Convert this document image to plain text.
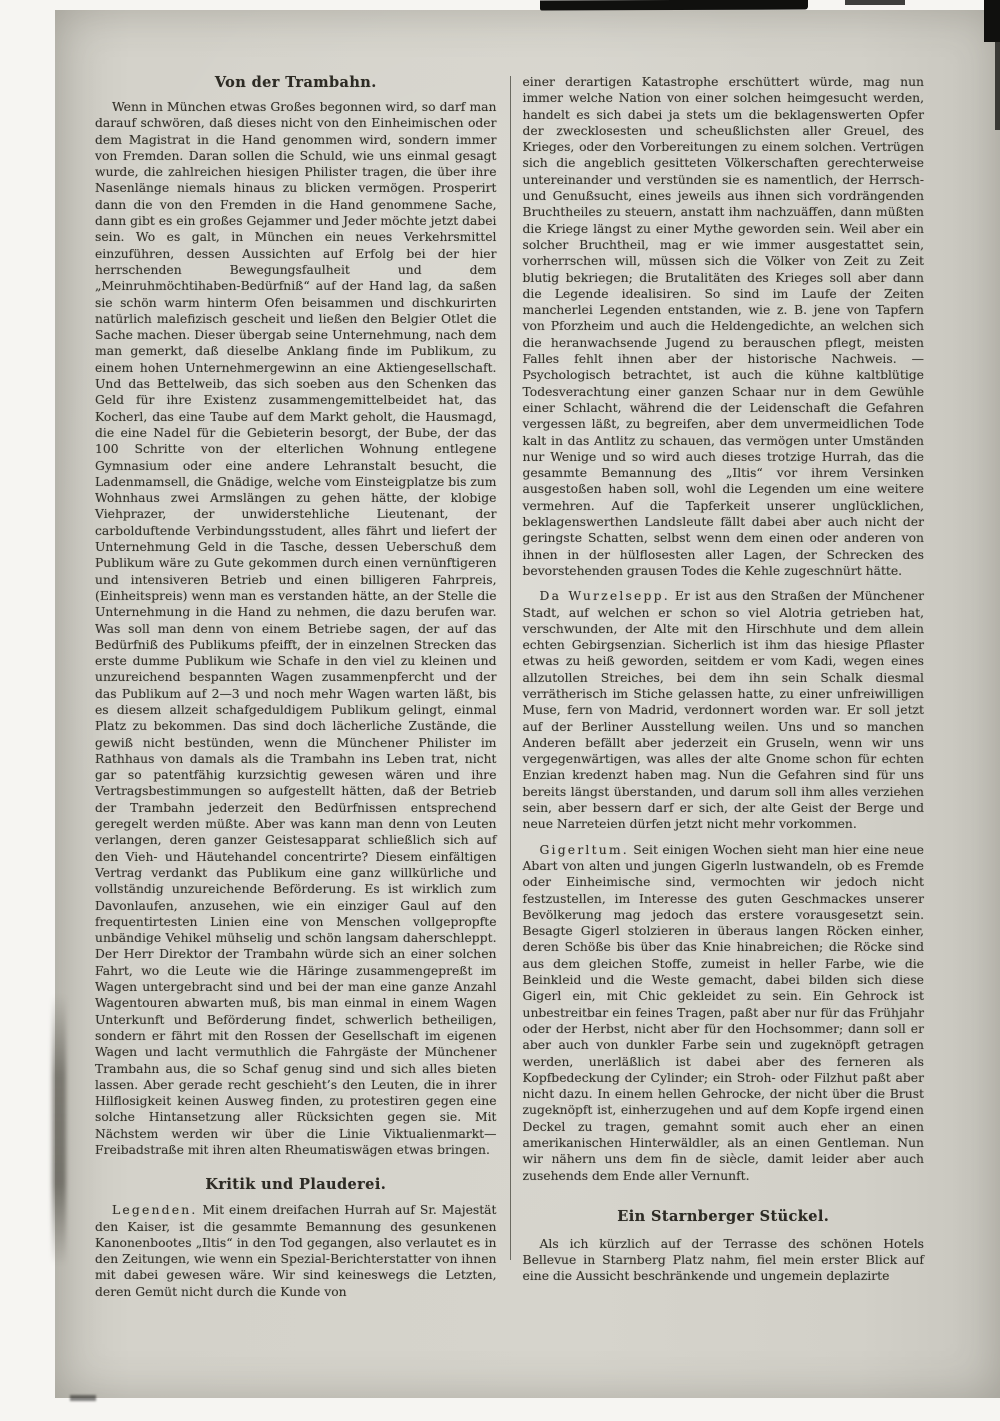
Von der Trambahn.

Wenn in München etwas Großes begonnen wird, so darf man darauf schwören, daß dieses nicht von den Einheimischen oder dem Magistrat in die Hand genommen wird, sondern immer von Fremden. Daran sollen die Schuld, wie uns einmal gesagt wurde, die zahlreichen hiesigen Philister tragen, die über ihre Nasenlänge niemals hinaus zu blicken vermögen. Prosperirt dann die von den Fremden in die Hand genommene Sache, dann gibt es ein großes Gejammer und Jeder möchte jetzt dabei sein. Wo es galt, in München ein neues Verkehrsmittel einzuführen, dessen Aussichten auf Erfolg bei der hier herrschenden Bewegungsfaulheit und dem „Meinruhmöchtihaben-Bedürfniß“ auf der Hand lag, da saßen sie schön warm hinterm Ofen beisammen und dischkurirten natürlich malefizisch gescheit und ließen den Belgier Otlet die Sache machen. Dieser übergab seine Unternehmung, nach dem man gemerkt, daß dieselbe Anklang finde im Publikum, zu einem hohen Unternehmergewinn an eine Aktiengesellschaft. Und das Bettelweib, das sich soeben aus den Schenken das Geld für ihre Existenz zusammengemittelbeidet hat, das Kocherl, das eine Taube auf dem Markt geholt, die Hausmagd, die eine Nadel für die Gebieterin besorgt, der Bube, der das 100 Schritte von der elterlichen Wohnung entlegene Gymnasium oder eine andere Lehranstalt besucht, die Ladenmamsell, die Gnädige, welche vom Einsteigplatze bis zum Wohnhaus zwei Armslängen zu gehen hätte, der klobige Viehprazer, der unwiderstehliche Lieutenant, der carbolduftende Verbindungsstudent, alles fährt und liefert der Unternehmung Geld in die Tasche, dessen Ueberschuß dem Publikum wäre zu Gute gekommen durch einen vernünftigeren und intensiveren Betrieb und einen billigeren Fahrpreis, (Einheitspreis) wenn man es verstanden hätte, an der Stelle die Unternehmung in die Hand zu nehmen, die dazu berufen war. Was soll man denn von einem Betriebe sagen, der auf das Bedürfniß des Publikums pfeifft, der in einzelnen Strecken das erste dumme Publikum wie Schafe in den viel zu kleinen und unzureichend bespannten Wagen zusammenpfercht und der das Publikum auf 2—3 und noch mehr Wagen warten läßt, bis es diesem allzeit schafgeduldigem Publikum gelingt, einmal Platz zu bekommen. Das sind doch lächerliche Zustände, die gewiß nicht bestünden, wenn die Münchener Philister im Rathhaus von damals als die Trambahn ins Leben trat, nicht gar so patentfähig kurzsichtig gewesen wären und ihre Vertragsbestimmungen so aufgestellt hätten, daß der Betrieb der Trambahn jederzeit den Bedürfnissen entsprechend geregelt werden müßte. Aber was kann man denn von Leuten verlangen, deren ganzer Geistesapparat schließlich sich auf den Vieh- und Häutehandel concentrirte? Diesem einfältigen Vertrag verdankt das Publikum eine ganz willkürliche und vollständig unzureichende Beförderung. Es ist wirklich zum Davonlaufen, anzusehen, wie ein einziger Gaul auf den frequentirtesten Linien eine von Menschen vollgepropfte unbändige Vehikel mühselig und schön langsam daherschleppt. Der Herr Direktor der Trambahn würde sich an einer solchen Fahrt, wo die Leute wie die Häringe zusammengepreßt im Wagen untergebracht sind und bei der man eine ganze Anzahl Wagentouren abwarten muß, bis man einmal in einem Wagen Unterkunft und Beförderung findet, schwerlich betheiligen, sondern er fährt mit den Rossen der Gesellschaft im eigenen Wagen und lacht vermuthlich die Fahrgäste der Münchener Trambahn aus, die so Schaf genug sind und sich alles bieten lassen. Aber gerade recht geschieht’s den Leuten, die in ihrer Hilflosigkeit keinen Ausweg finden, zu protestiren gegen eine solche Hintansetzung aller Rücksichten gegen sie. Mit Nächstem werden wir über die Linie Viktualienmarkt—Freibadstraße mit ihren alten Rheumatiswägen etwas bringen.

Kritik und Plauderei.

Legenden. Mit einem dreifachen Hurrah auf Sr. Majestät den Kaiser, ist die gesammte Bemannung des gesunkenen Kanonenbootes „Iltis“ in den Tod gegangen, also verlautet es in den Zeitungen, wie wenn ein Spezial-Berichterstatter von ihnen mit dabei gewesen wäre. Wir sind keineswegs die Letzten, deren Gemüt nicht durch die Kunde von

einer derartigen Katastrophe erschüttert würde, mag nun immer welche Nation von einer solchen heimgesucht werden, handelt es sich dabei ja stets um die beklagenswerten Opfer der zwecklosesten und scheußlichsten aller Greuel, des Krieges, oder den Vorbereitungen zu einem solchen. Vertrügen sich die angeblich gesitteten Völkerschaften gerechterweise untereinander und verstünden sie es namentlich, der Herrsch- und Genußsucht, eines jeweils aus ihnen sich vordrängenden Bruchtheiles zu steuern, anstatt ihm nachzuäffen, dann müßten die Kriege längst zu einer Mythe geworden sein. Weil aber ein solcher Bruchtheil, mag er wie immer ausgestattet sein, vorherrschen will, müssen sich die Völker von Zeit zu Zeit blutig bekriegen; die Brutalitäten des Krieges soll aber dann die Legende idealisiren. So sind im Laufe der Zeiten mancherlei Legenden entstanden, wie z. B. jene von Tapfern von Pforzheim und auch die Heldengedichte, an welchen sich die heranwachsende Jugend zu berauschen pflegt, meisten Falles fehlt ihnen aber der historische Nachweis. — Psychologisch betrachtet, ist auch die kühne kaltblütige Todesverachtung einer ganzen Schaar nur in dem Gewühle einer Schlacht, während die der Leidenschaft die Gefahren vergessen läßt, zu begreifen, aber dem unvermeidlichen Tode kalt in das Antlitz zu schauen, das vermögen unter Umständen nur Wenige und so wird auch dieses trotzige Hurrah, das die gesammte Bemannung des „Iltis“ vor ihrem Versinken ausgestoßen haben soll, wohl die Legenden um eine weitere vermehren. Auf die Tapferkeit unserer unglücklichen, beklagenswerthen Landsleute fällt dabei aber auch nicht der geringste Schatten, selbst wenn dem einen oder anderen von ihnen in der hülflosesten aller Lagen, der Schrecken des bevorstehenden grausen Todes die Kehle zugeschnürt hätte.

Da Wurzelsepp. Er ist aus den Straßen der Münchener Stadt, auf welchen er schon so viel Alotria getrieben hat, verschwunden, der Alte mit den Hirschhute und dem allein echten Gebirgsenzian. Sicherlich ist ihm das hiesige Pflaster etwas zu heiß geworden, seitdem er vom Kadi, wegen eines allzutollen Streiches, bei dem ihn sein Schalk diesmal verrätherisch im Stiche gelassen hatte, zu einer unfreiwilligen Muse, fern von Madrid, verdonnert worden war. Er soll jetzt auf der Berliner Ausstellung weilen. Uns und so manchen Anderen befällt aber jederzeit ein Gruseln, wenn wir uns vergegenwärtigen, was alles der alte Gnome schon für echten Enzian kredenzt haben mag. Nun die Gefahren sind für uns bereits längst überstanden, und darum soll ihm alles verziehen sein, aber bessern darf er sich, der alte Geist der Berge und neue Narreteien dürfen jetzt nicht mehr vorkommen.

Gigerltum. Seit einigen Wochen sieht man hier eine neue Abart von alten und jungen Gigerln lustwandeln, ob es Fremde oder Einheimische sind, vermochten wir jedoch nicht festzustellen, im Interesse des guten Geschmackes unserer Bevölkerung mag jedoch das erstere vorausgesetzt sein. Besagte Gigerl stolzieren in überaus langen Röcken einher, deren Schöße bis über das Knie hinabreichen; die Röcke sind aus dem gleichen Stoffe, zumeist in heller Farbe, wie die Beinkleid und die Weste gemacht, dabei bilden sich diese Gigerl ein, mit Chic gekleidet zu sein. Ein Gehrock ist unbestreitbar ein feines Tragen, paßt aber nur für das Frühjahr oder der Herbst, nicht aber für den Hochsommer; dann soll er aber auch von dunkler Farbe sein und zugeknöpft getragen werden, unerläßlich ist dabei aber des ferneren als Kopfbedeckung der Cylinder; ein Stroh- oder Filzhut paßt aber nicht dazu. In einem hellen Gehrocke, der nicht über die Brust zugeknöpft ist, einherzugehen und auf dem Kopfe irgend einen Deckel zu tragen, gemahnt somit auch eher an einen amerikanischen Hinterwäldler, als an einen Gentleman. Nun wir nähern uns dem fin de siècle, damit leider aber auch zusehends dem Ende aller Vernunft.

Ein Starnberger Stückel.

Als ich kürzlich auf der Terrasse des schönen Hotels Bellevue in Starnberg Platz nahm, fiel mein erster Blick auf eine die Aussicht beschränkende und ungemein deplazirte
